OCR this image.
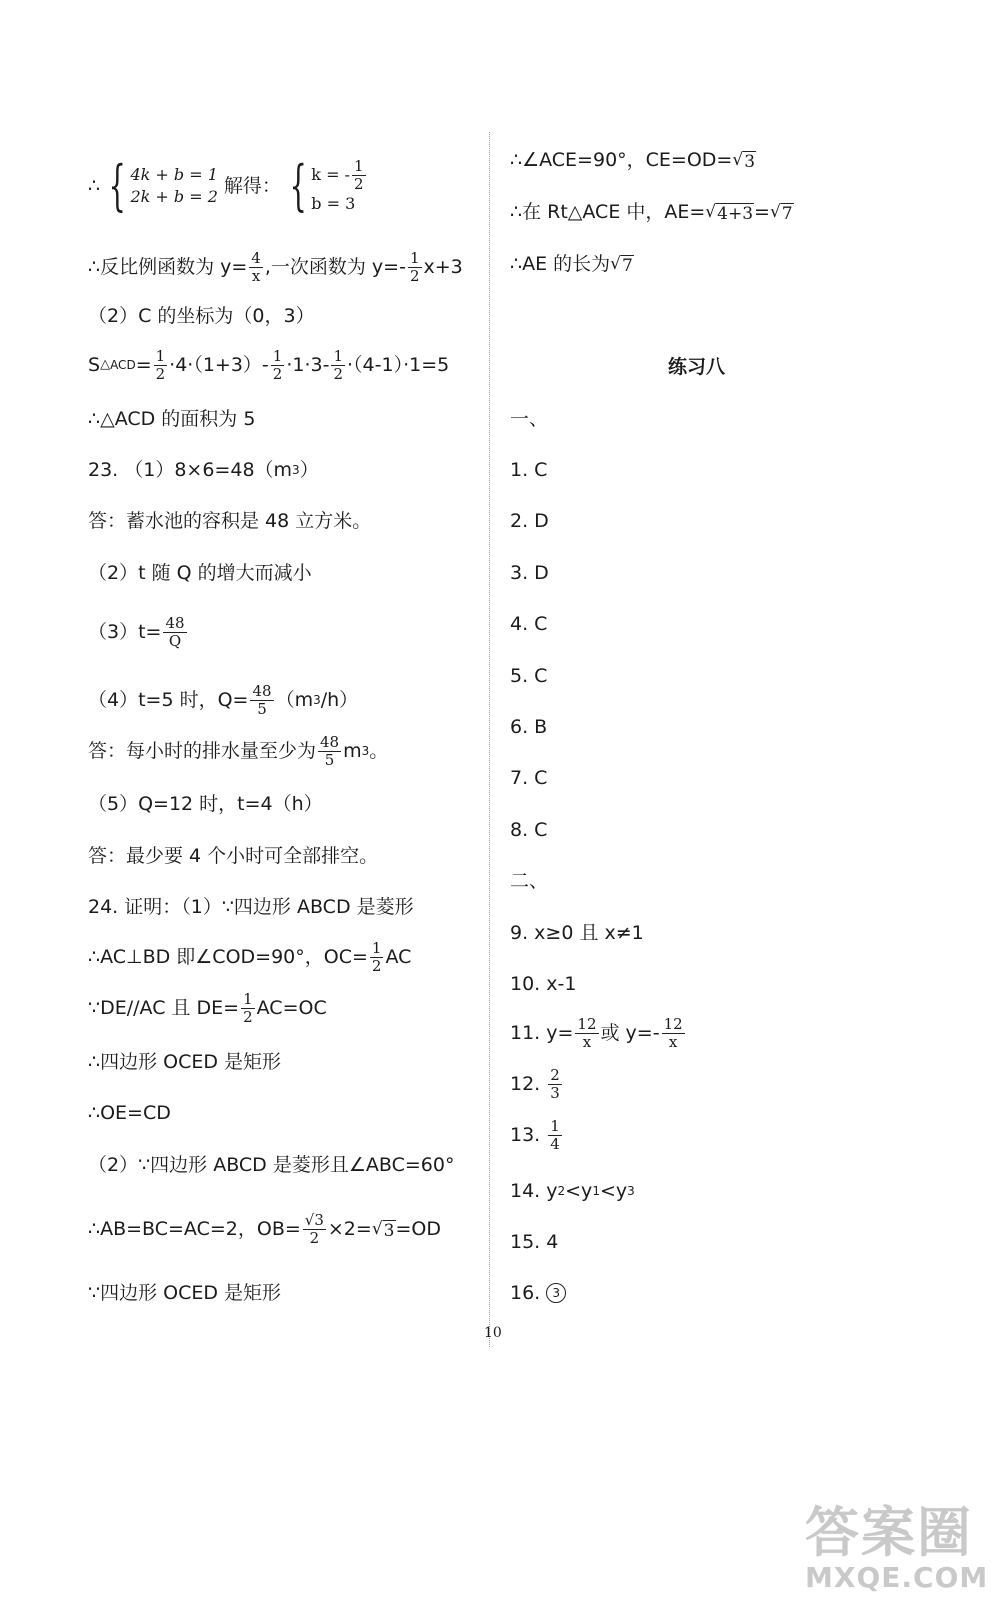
∴ { 4k + b = 1
2k + b = 2 解得： { k = - $\frac{1}{2}$
b = 3
∴反比例函数为 $y= \frac{4}{x}$ ,一次函数为 $y=- \frac{1}{2} x+3$
（2）C 的坐标为（0，3）
S △ ACD = $\frac{1}{2} \cdot 4\cdot(1+3)- \frac{1}{2} \cdot 1\cdot 3- \frac{1}{2} \cdot(4-1)\cdot 1=5$
∴△ACD 的面积为 5
23. （1）8×6=48（m 3 ）
答：蓄水池的容积是 48 立方米。
（2）t 随 Q 的增大而减小
$(3)t= \frac{48}{Q}$
（4）t=5 时，$Q= \frac{48}{5} (m$ 3 /h）
答：每小时的排水量至少为 $\frac{48}{5}$ m 3 。
（5）Q=12 时，t=4（h）
答：最少要 4 个小时可全部排空。
24. 证明：（1）∵四边形 ABCD 是菱形
∴AC⊥BD 即∠COD=90°，$OC= \frac{1}{2}$ AC
∵DE//AC 且 $DE= \frac{1}{2} AC=OC$
∴四边形 OCED 是矩形
∴OE=CD
（2）∵四边形 ABCD 是菱形且∠ABC=60°
∴AB=BC=AC=2，$OB= \frac{√3}{2} \times 2=$ √ 3 =OD
∵四边形 OCED 是矩形
∴∠ACE=90°，CE=OD= √ 3
∴在 Rt△ACE 中，AE= √ 4+3 = √ 7
∴AE 的长为 √ 7
练习八
一、
1. C
2. D
3. D
4. C
5. C
6. B
7. C
8. C
二、
9. x≥0 且 x≠1
10. x-1
11. $y= \frac{12}{x}$ 或 $y=- \frac{12}{x}$
12. $\frac{2}{3}$
13. $\frac{1}{4}$
14. y 2 <y 1 <y 3
15. 4
16.	3
10
答案圈
MXQE.COM
